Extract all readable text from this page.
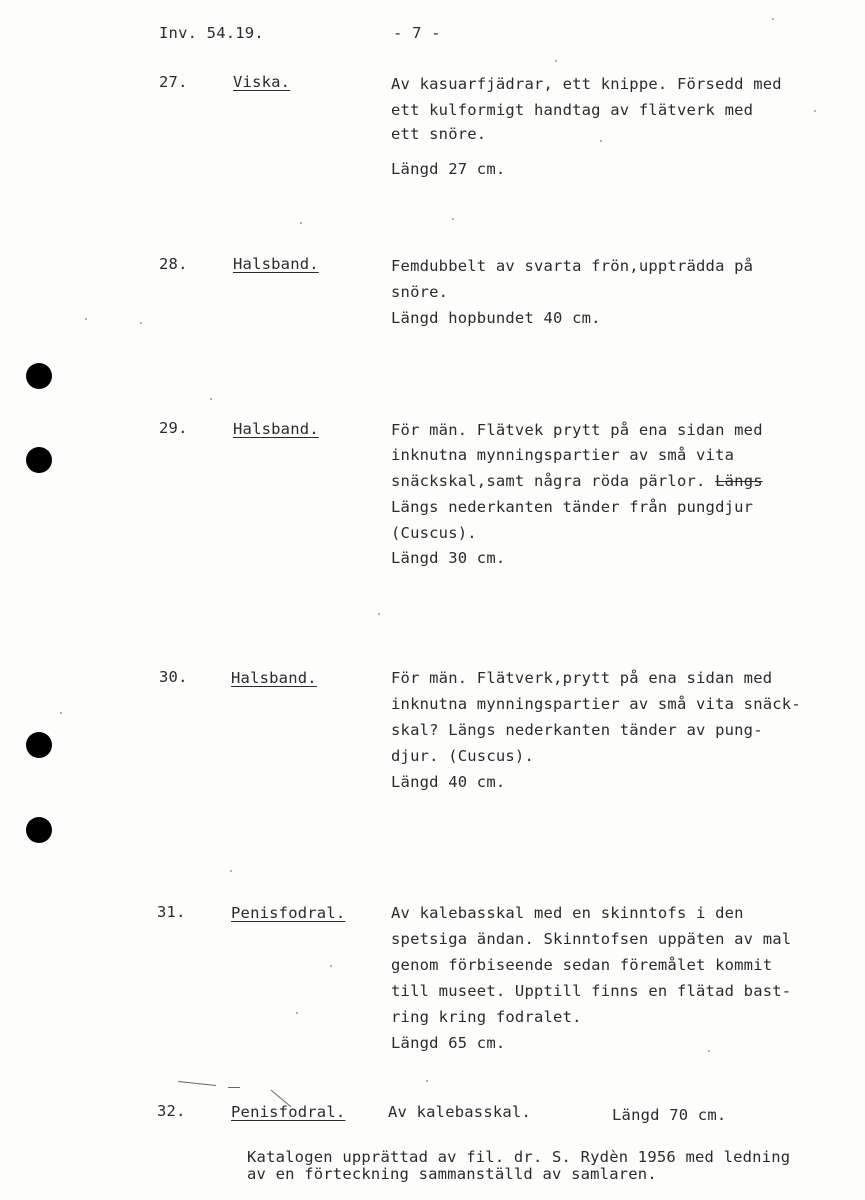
Inv. 54.19.	- 7 -
27.	Viska.	Av kasuarfjädrar, ett knippe. Försedd med
ett kulformigt handtag av flätverk med
ett snöre.
Längd 27 cm.
28.	Halsband.	Femdubbelt av svarta frön,uppträdda på
snöre.
Längd hopbundet 40 cm.
29.	Halsband.	För män. Flätvek prytt på ena sidan med
inknutna mynningspartier av små vita
snäckskal,samt några röda pärlor. Längs
Längs nederkanten tänder från pungdjur
(Cuscus).
Längd 30 cm.
30.	Halsband.	För män. Flätverk,prytt på ena sidan med
inknutna mynningspartier av små vita snäck-
skal? Längs nederkanten tänder av pung-
djur. (Cuscus).
Längd 40 cm.
31.	Penisfodral.	Av kalebasskal med en skinntofs i den
spetsiga ändan. Skinntofsen uppäten av mal
genom förbiseende sedan föremålet kommit
till museet. Upptill finns en flätad bast-
ring kring fodralet.
Längd 65 cm.
32.	Penisfodral.	Av kalebasskal.	Längd 70 cm.
Katalogen upprättad av fil. dr. S. Rydèn 1956 med ledning
av en förteckning sammanställd av samlaren.
